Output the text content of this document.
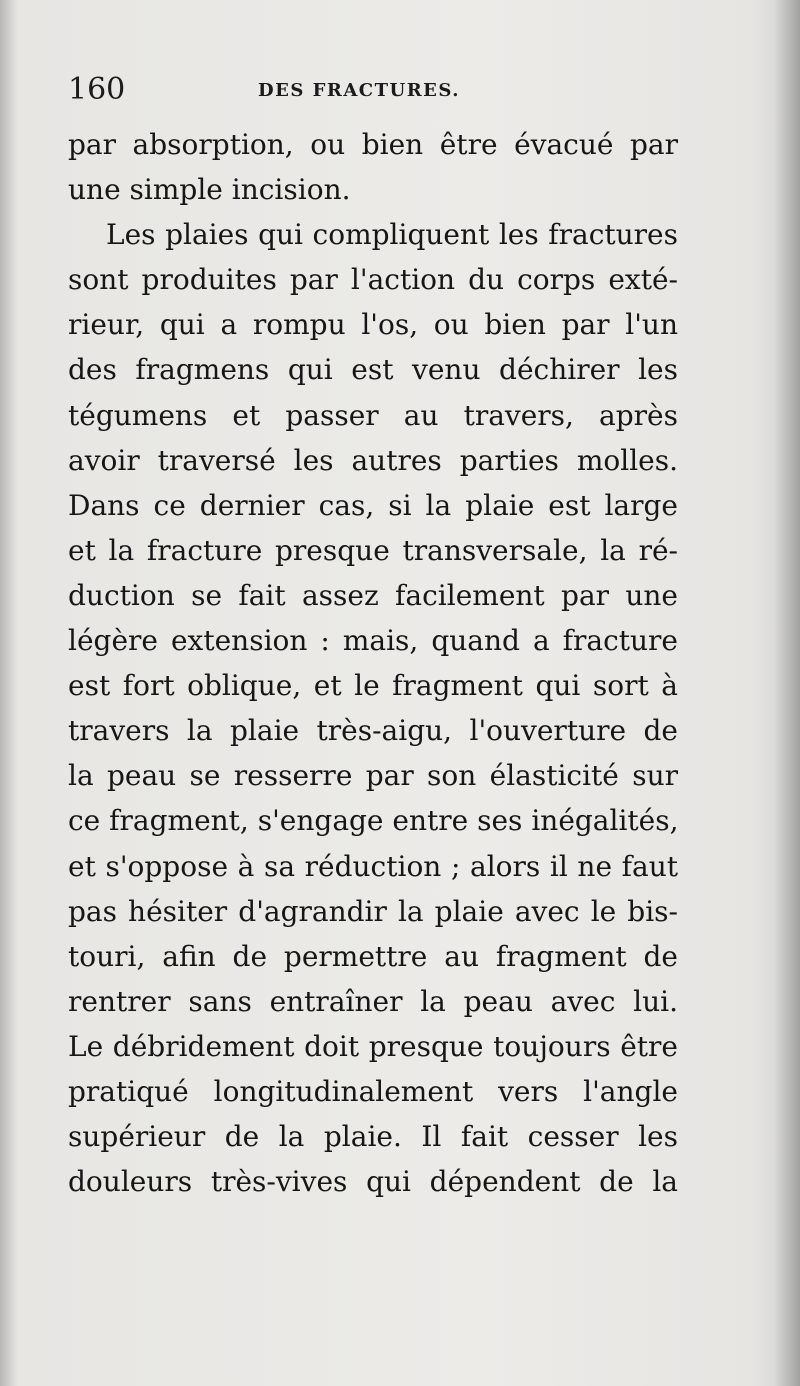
160	DES FRACTURES.
par absorption, ou bien être évacué par
une simple incision.
Les plaies qui compliquent les fractures
sont produites par l'action du corps exté-
rieur, qui a rompu l'os, ou bien par l'un
des fragmens qui est venu déchirer les
tégumens et passer au travers, après
avoir traversé les autres parties molles.
Dans ce dernier cas, si la plaie est large
et la fracture presque transversale, la ré-
duction se fait assez facilement par une
légère extension : mais, quand a fracture
est fort oblique, et le fragment qui sort à
travers la plaie très-aigu, l'ouverture de
la peau se resserre par son élasticité sur
ce fragment, s'engage entre ses inégalités,
et s'oppose à sa réduction ; alors il ne faut
pas hésiter d'agrandir la plaie avec le bis-
touri, afin de permettre au fragment de
rentrer sans entraîner la peau avec lui.
Le débridement doit presque toujours être
pratiqué longitudinalement vers l'angle
supérieur de la plaie. Il fait cesser les
douleurs très-vives qui dépendent de la
